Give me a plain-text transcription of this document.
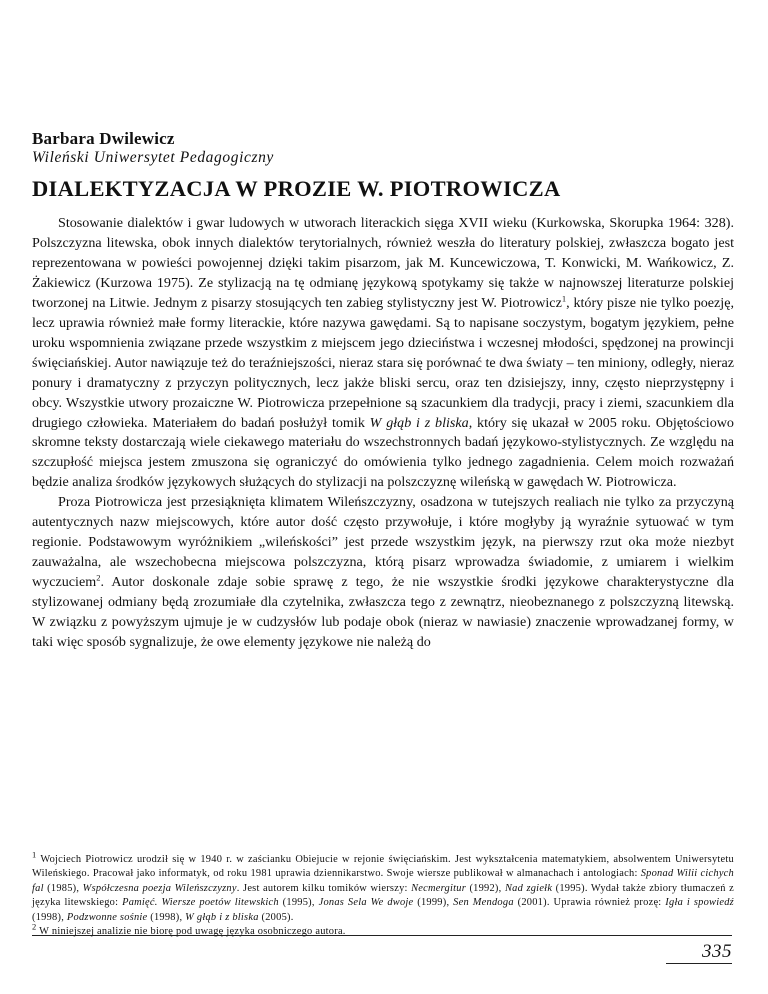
Barbara Dwilewicz
Wileński Uniwersytet Pedagogiczny
DIALEKTYZACJA W PROZIE W. PIOTROWICZA

Stosowanie dialektów i gwar ludowych w utworach literackich sięga XVII wieku (Kurkowska, Skorupka 1964: 328). Polszczyzna litewska, obok innych dialektów terytorialnych, również weszła do literatury polskiej, zwłaszcza bogato jest reprezentowana w powieści powojennej dzięki takim pisarzom, jak M. Kuncewiczowa, T. Konwicki, M. Wańkowicz, Z. Żakiewicz (Kurzowa 1975). Ze stylizacją na tę odmianę językową spotykamy się także w najnowszej literaturze polskiej tworzonej na Litwie. Jednym z pisarzy stosujących ten zabieg stylistyczny jest W. Piotrowicz$^1$, który pisze nie tylko poezję, lecz uprawia również małe formy literackie, które nazywa gawędami. Są to napisane soczystym, bogatym językiem, pełne uroku wspomnienia związane przede wszystkim z miejscem jego dzieciństwa i wczesnej młodości, spędzonej na prowincji święciańskiej. Autor nawiązuje też do teraźniejszości, nieraz stara się porównać te dwa światy – ten miniony, odległy, nieraz ponury i dramatyczny z przyczyn politycznych, lecz jakże bliski sercu, oraz ten dzisiejszy, inny, często nieprzystępny i obcy. Wszystkie utwory prozaiczne W. Piotrowicza przepełnione są szacunkiem dla tradycji, pracy i ziemi, szacunkiem dla drugiego człowieka. Materiałem do badań posłużył tomik W głąb i z bliska, który się ukazał w 2005 roku. Objętościowo skromne teksty dostarczają wiele ciekawego materiału do wszechstronnych badań językowo-stylistycznych. Ze względu na szczupłość miejsca jestem zmuszona się ograniczyć do omówienia tylko jednego zagadnienia. Celem moich rozważań będzie analiza środków językowych służących do stylizacji na polszczyznę wileńską w gawędach W. Piotrowicza.

Proza Piotrowicza jest przesiąknięta klimatem Wileńszczyzny, osadzona w tutejszych realiach nie tylko za przyczyną autentycznych nazw miejscowych, które autor dość często przywołuje, i które mogłyby ją wyraźnie sytuować w tym regionie. Podstawowym wyróżnikiem „wileńskości” jest przede wszystkim język, na pierwszy rzut oka może niezbyt zauważalna, ale wszechobecna miejscowa polszczyzna, którą pisarz wprowadza świadomie, z umiarem i wielkim wyczuciem$^2$. Autor doskonale zdaje sobie sprawę z tego, że nie wszystkie środki językowe charakterystyczne dla stylizowanej odmiany będą zrozumiałe dla czytelnika, zwłaszcza tego z zewnątrz, nieobeznanego z polszczyzną litewską. W związku z powyższym ujmuje je w cudzysłów lub podaje obok (nieraz w nawiasie) znaczenie wprowadzanej formy, w taki więc sposób sygnalizuje, że owe elementy językowe nie należą do

$^1$ Wojciech Piotrowicz urodził się w 1940 r. w zaścianku Obiejucie w rejonie święciańskim. Jest wykształcenia matematykiem, absolwentem Uniwersytetu Wileńskiego. Pracował jako informatyk, od roku 1981 uprawia dziennikarstwo. Swoje wiersze publikował w almanachach i antologiach: Sponad Wilii cichych fal (1985), Współczesna poezja Wileńszczyzny. Jest autorem kilku tomików wierszy: Necmergitur (1992), Nad zgiełk (1995). Wydał także zbiory tłumaczeń z języka litewskiego: Pamięć. Wiersze poetów litewskich (1995), Jonas Sela We dwoje (1999), Sen Mendoga (2001). Uprawia również prozę: Igła i spowiedź (1998), Podzwonne sośnie (1998), W głąb i z bliska (2005).

$^2$ W niniejszej analizie nie biorę pod uwagę języka osobniczego autora.

335
